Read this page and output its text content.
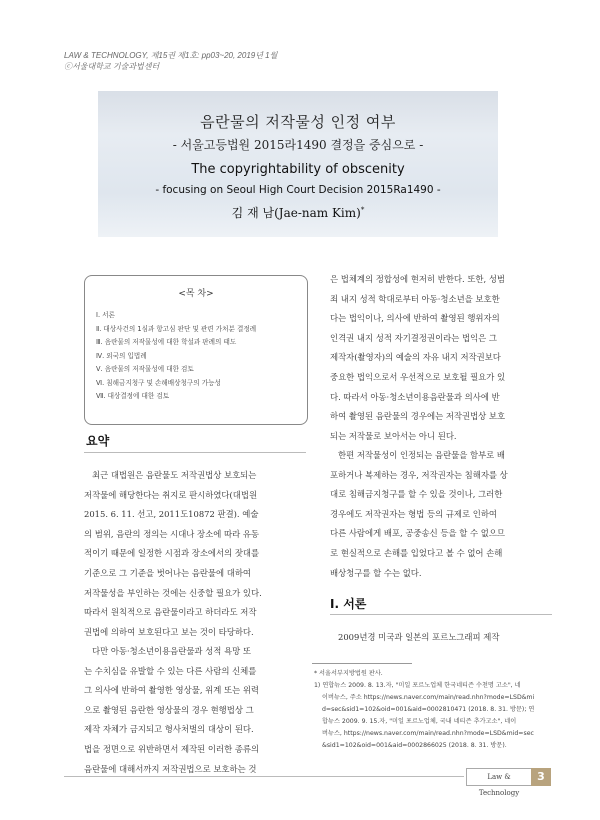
LAW & TECHNOLOGY, 제15권 제1호: pp03~20, 2019년 1월
ⓒ서울대학교 기술과법센터
음란물의 저작물성 인정 여부
- 서울고등법원 2015라1490 결정을 중심으로 -
The copyrightability of obscenity
- focusing on Seoul High Court Decision 2015Ra1490 -
김 재 남(Jae-nam Kim)*
<목 차>
Ⅰ. 서론
Ⅱ. 대상사건의 1심과 항고심 판단 및 관련 가처분 결정례
Ⅲ. 음란물의 저작물성에 대한 학설과 판례의 태도
Ⅳ. 외국의 입법례
Ⅴ. 음란물의 저작물성에 대한 검토
Ⅵ. 침해금지청구 및 손해배상청구의 가능성
Ⅶ. 대상결정에 대한 검토
요약

최근 대법원은 음란물도 저작권법상 보호되는
저작물에 해당한다는 취지로 판시하였다(대법원
2015. 6. 11. 선고, 2011도10872 판결). 예술
의 범위, 음란의 정의는 시대나 장소에 따라 유동
적이기 때문에 일정한 시점과 장소에서의 잣대를
기준으로 그 기준을 벗어나는 음란물에 대하여
저작물성을 부인하는 것에는 신중할 필요가 있다.
따라서 원칙적으로 음란물이라고 하더라도 저작
권법에 의하여 보호된다고 보는 것이 타당하다.

다만 아동·청소년이용음란물과 성적 욕망 또
는 수치심을 유발할 수 있는 다른 사람의 신체를
그 의사에 반하여 촬영한 영상물, 위계 또는 위력
으로 촬영된 음란한 영상물의 경우 현행법상 그
제작 자체가 금지되고 형사처벌의 대상이 된다.
법을 정면으로 위반하면서 제작된 이러한 종류의
음란물에 대해서까지 저작권법으로 보호하는 것

은 법체계의 정합성에 현저히 반한다. 또한, 성범
죄 내지 성적 학대로부터 아동·청소년을 보호한
다는 법익이나, 의사에 반하여 촬영된 행위자의
인격권 내지 성적 자기결정권이라는 법익은 그
제작자(촬영자)의 예술의 자유 내지 저작권보다
중요한 법익으로서 우선적으로 보호될 필요가 있
다. 따라서 아동·청소년이용음란물과 의사에 반
하여 촬영된 음란물의 경우에는 저작권법상 보호
되는 저작물로 보아서는 아니 된다.

한편 저작물성이 인정되는 음란물을 함부로 배
포하거나 복제하는 경우, 저작권자는 침해자를 상
대로 침해금지청구를 할 수 있을 것이나, 그러한
경우에도 저작권자는 형법 등의 규제로 인하여
다른 사람에게 배포, 공중송신 등을 할 수 없으므
로 현실적으로 손해를 입었다고 볼 수 없어 손해
배상청구를 할 수는 없다.

Ⅰ. 서론

2009년경 미국과 일본의 포르노그래피 제작

* 서울서부지방법원 판사.
1) 연합뉴스 2009. 8. 13.자, "미일 포르노업체 한국네티즌 수천명 고소", 네
이버뉴스, 주소 https://news.naver.com/main/read.nhn?mode=LSD&mi
d=sec&sid1=102&oid=001&aid=0002810471 (2018. 8. 31. 방문); 연
합뉴스 2009. 9. 15.자, "미일 포르노업체, 국내 네티즌 추가고소", 네이
버뉴스, https://news.naver.com/main/read.nhn?mode=LSD&mid=sec
&sid1=102&oid=001&aid=0002866025 (2018. 8. 31. 방문).
Law & Technology
3
